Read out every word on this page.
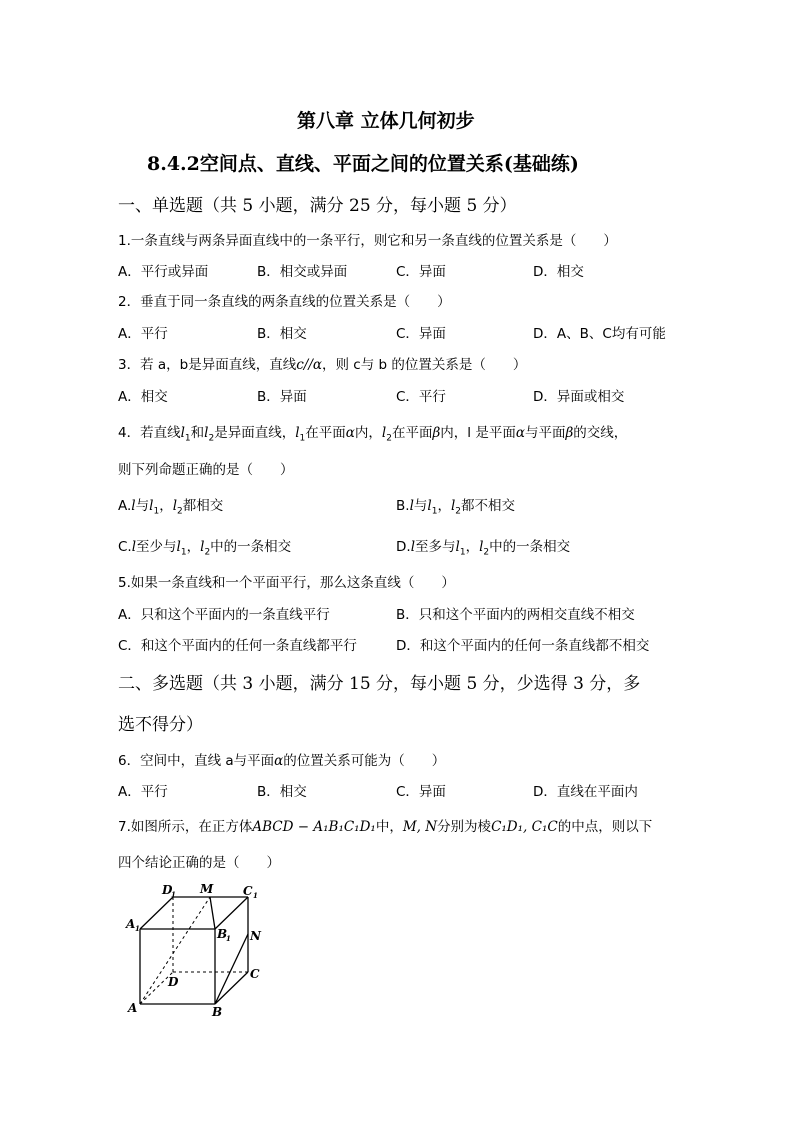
第八章 立体几何初步
8.4.2空间点、直线、平面之间的位置关系(基础练)
一、单选题（共 5 小题，满分 25 分，每小题 5 分）
1.一条直线与两条异面直线中的一条平行，则它和另一条直线的位置关系是（　　）
A．平行或异面	B．相交或异面	C．异面	D．相交
2．垂直于同一条直线的两条直线的位置关系是（　　）
A．平行	B．相交	C．异面	D．A、B、C均有可能
3．若 a，b是异面直线，直线c//α，则 c与 b 的位置关系是（　　）
A．相交	B．异面	C．平行	D．异面或相交
4．若直线$l_1$和$l_2$是异面直线，$l_1$在平面α内，$l_2$在平面β内，l 是平面α与平面β的交线，
则下列命题正确的是（　　）
A.l与$l_1$，$l_2$都相交	B.l与$l_1$，$l_2$都不相交
C.l至少与$l_1$，$l_2$中的一条相交	D.l至多与$l_1$，$l_2$中的一条相交
5.如果一条直线和一个平面平行，那么这条直线（　　）
A．只和这个平面内的一条直线平行	B．只和这个平面内的两相交直线不相交
C．和这个平面内的任何一条直线都平行	D．和这个平面内的任何一条直线都不相交
二、多选题（共 3 小题，满分 15 分，每小题 5 分，少选得 3 分，多
选不得分）
6．空间中，直线 a与平面α的位置关系可能为（　　）
A．平行	B．相交	C．异面	D．直线在平面内
7.如图所示，在正方体ABCD − A₁B₁C₁D₁中，M, N分别为棱C₁D₁, C₁C的中点，则以下
四个结论正确的是（　　）
A	B
C
D
A 1	B
1
C 1
D
1 M
N
